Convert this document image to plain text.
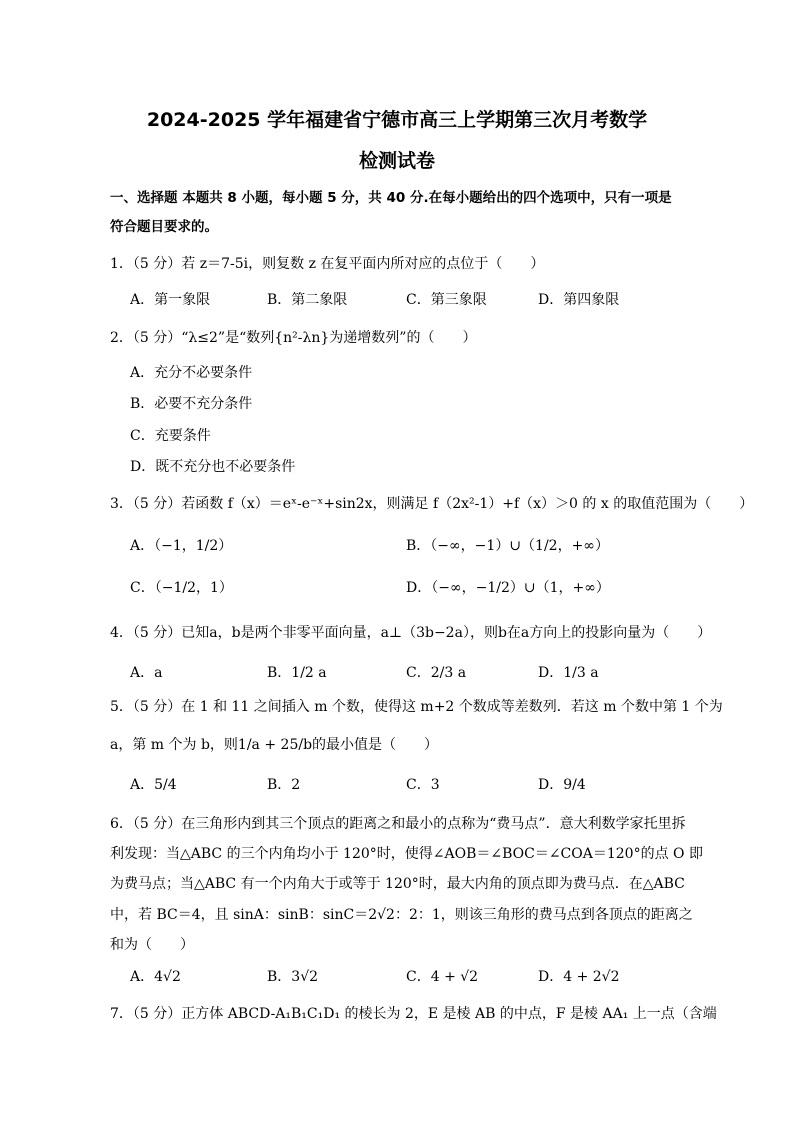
2024-2025 学年福建省宁德市高三上学期第三次月考数学
检测试卷
一、选择题 本题共 8 小题，每小题 5 分，共 40 分.在每小题给出的四个选项中，只有一项是
符合题目要求的。
1．（5 分）若 z＝7-5i，则复数 z 在复平面内所对应的点位于（　　）
A．第一象限	B．第二象限	C．第三象限	D．第四象限
2．（5 分）“λ≤2”是“数列{n²-λn}为递增数列”的（　　）
A．充分不必要条件
B．必要不充分条件
C．充要条件
D．既不充分也不必要条件
3．（5 分）若函数 f（x）＝eˣ-e⁻ˣ+sin2x，则满足 f（2x²-1）+f（x）＞0 的 x 的取值范围为（　　）
A．（−1，1/2）	B．（−∞，−1）∪（1/2，+∞）
C．（−1/2，1）	D．（−∞，−1/2）∪（1，+∞）
4．（5 分）已知a，b是两个非零平面向量，a⊥（3b−2a），则b在a方向上的投影向量为（　　）
A．a	B．1/2 a	C．2/3 a	D．1/3 a
5．（5 分）在 1 和 11 之间插入 m 个数，使得这 m+2 个数成等差数列．若这 m 个数中第 1 个为
a，第 m 个为 b，则1/a + 25/b的最小值是（　　）
A．5/4	B．2	C．3	D．9/4
6．（5 分）在三角形内到其三个顶点的距离之和最小的点称为“费马点”．意大利数学家托里拆
利发现：当△ABC 的三个内角均小于 120°时，使得∠AOB＝∠BOC＝∠COA＝120°的点 O 即
为费马点；当△ABC 有一个内角大于或等于 120°时，最大内角的顶点即为费马点．在△ABC
中，若 BC＝4，且 sinA：sinB：sinC＝2√2：2：1，则该三角形的费马点到各顶点的距离之
和为（　　）
A．4√2	B．3√2	C．4 + √2	D．4 + 2√2
7．（5 分）正方体 ABCD-A₁B₁C₁D₁ 的棱长为 2，E 是棱 AB 的中点，F 是棱 AA₁ 上一点（含端
